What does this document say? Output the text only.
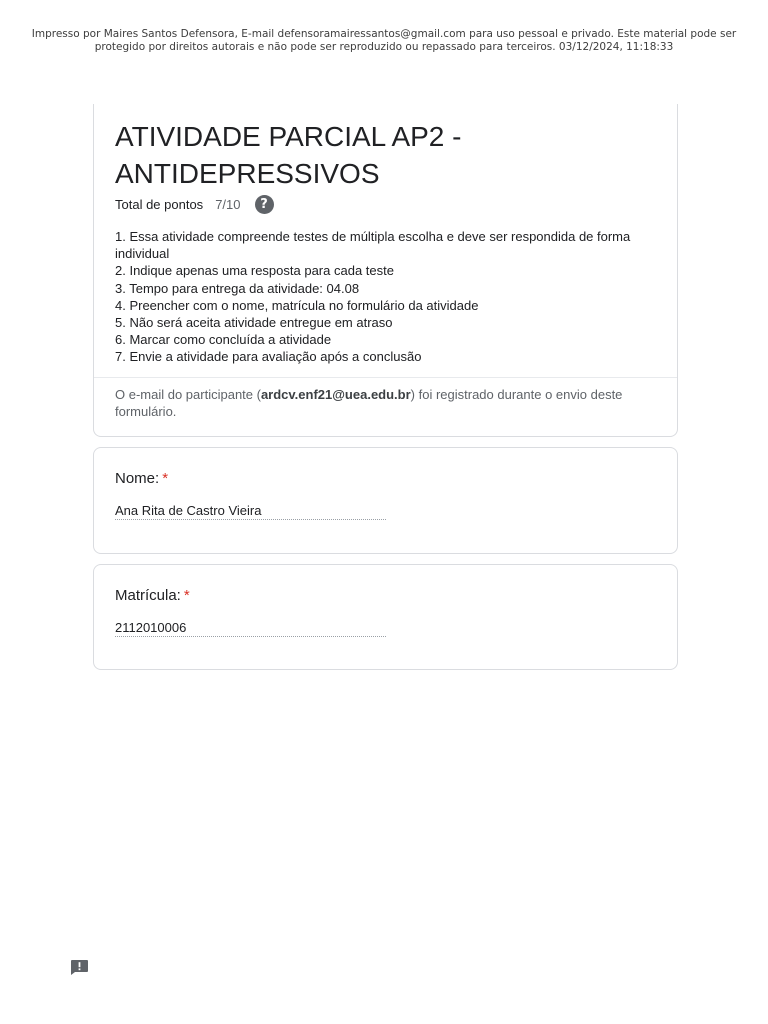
Impresso por Maires Santos Defensora, E-mail defensoramairessantos@gmail.com para uso pessoal e privado. Este material pode ser protegido por direitos autorais e não pode ser reproduzido ou repassado para terceiros. 03/12/2024, 11:18:33
ATIVIDADE PARCIAL AP2 - ANTIDEPRESSIVOS
Total de pontos 7/10	?
1. Essa atividade compreende testes de múltipla escolha e deve ser respondida de forma individual
2. Indique apenas uma resposta para cada teste
3. Tempo para entrega da atividade: 04.08
4. Preencher com o nome, matrícula no formulário da atividade
5. Não será aceita atividade entregue em atraso
6. Marcar como concluída a atividade
7. Envie a atividade para avaliação após a conclusão
O e-mail do participante (ardcv.enf21@uea.edu.br) foi registrado durante o envio deste formulário.
Nome: *
Ana Rita de Castro Vieira
Matrícula: *
2112010006
